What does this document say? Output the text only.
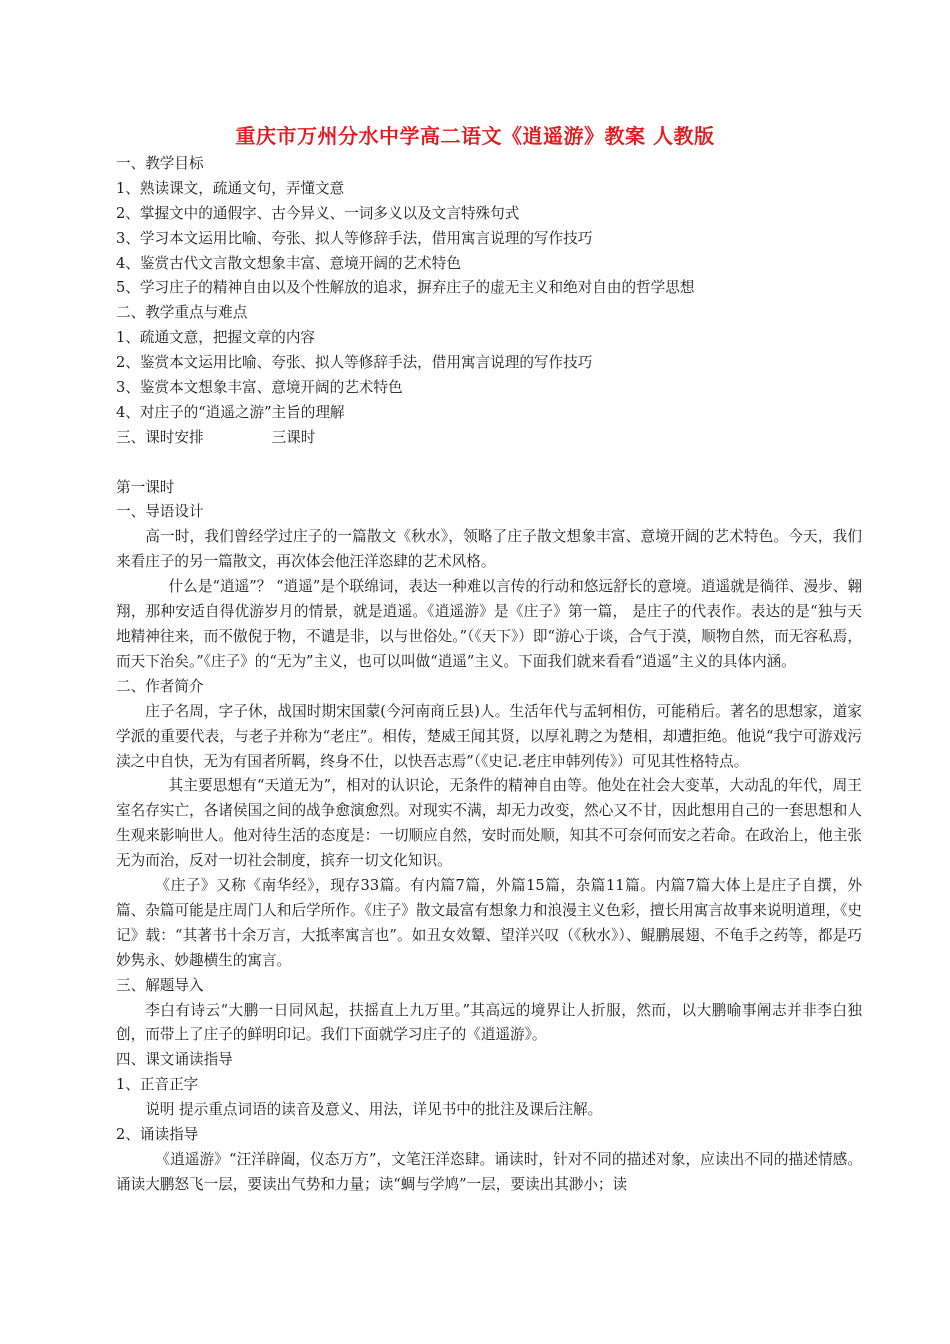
重庆市万州分水中学高二语文《逍遥游》教案 人教版
一、教学目标
1、熟读课文，疏通文句，弄懂文意
2、掌握文中的通假字、古今异义、一词多义以及文言特殊句式
3、学习本文运用比喻、夸张、拟人等修辞手法，借用寓言说理的写作技巧
4、鉴赏古代文言散文想象丰富、意境开阔的艺术特色
5、学习庄子的精神自由以及个性解放的追求，摒弃庄子的虚无主义和绝对自由的哲学思想
二、教学重点与难点
1、疏通文意，把握文章的内容
2、鉴赏本文运用比喻、夸张、拟人等修辞手法，借用寓言说理的写作技巧
3、鉴赏本文想象丰富、意境开阔的艺术特色
4、对庄子的“逍遥之游”主旨的理解
三、课时安排	三课时
第一课时
一、导语设计
高一时，我们曾经学过庄子的一篇散文《秋水》，领略了庄子散文想象丰富、意境开阔的艺术特色。今天，我们来看庄子的另一篇散文，再次体会他汪洋恣肆的艺术风格。
什么是“逍遥”？ “逍遥”是个联绵词，表达一种难以言传的行动和悠远舒长的意境。逍遥就是徜徉、漫步、翱翔，那种安适自得优游岁月的情景，就是逍遥。《逍遥游》是《庄子》第一篇， 是庄子的代表作。表达的是“独与天地精神往来，而不傲倪于物，不谴是非，以与世俗处。”（《天下》）即“游心于谈，合气于漠，顺物自然，而无容私焉，而天下治矣。”《庄子》的“无为”主义，也可以叫做“逍遥”主义。下面我们就来看看“逍遥”主义的具体内涵。
二、作者简介
庄子名周，字子休，战国时期宋国蒙(今河南商丘县)人。生活年代与孟轲相仿，可能稍后。著名的思想家，道家学派的重要代表，与老子并称为“老庄”。相传，楚威王闻其贤，以厚礼聘之为楚相，却遭拒绝。他说“我宁可游戏污渎之中自快，无为有国者所羁，终身不仕，以快吾志焉”（《史记.老庄申韩列传》）可见其性格特点。
其主要思想有“天道无为”，相对的认识论，无条件的精神自由等。他处在社会大变革，大动乱的年代，周王室名存实亡，各诸侯国之间的战争愈演愈烈。对现实不满，却无力改变，然心又不甘，因此想用自己的一套思想和人生观来影响世人。他对待生活的态度是：一切顺应自然，安时而处顺，知其不可奈何而安之若命。在政治上，他主张无为而治，反对一切社会制度，摈弃一切文化知识。
《庄子》又称《南华经》，现存33篇。有内篇7篇，外篇15篇，杂篇11篇。内篇7篇大体上是庄子自撰，外篇、杂篇可能是庄周门人和后学所作。《庄子》散文最富有想象力和浪漫主义色彩，擅长用寓言故事来说明道理，《史记》载：“其著书十余万言，大抵率寓言也”。如丑女效颦、望洋兴叹（《秋水》）、鲲鹏展翅、不龟手之药等，都是巧妙隽永、妙趣横生的寓言。
三、解题导入
李白有诗云“大鹏一日同风起，扶摇直上九万里。”其高远的境界让人折服，然而，以大鹏喻事阐志并非李白独创，而带上了庄子的鲜明印记。我们下面就学习庄子的《逍遥游》。
四、课文诵读指导
1、正音正字
说明 提示重点词语的读音及意义、用法，详见书中的批注及课后注解。
2、诵读指导
《逍遥游》“汪洋辟阖，仪态万方”，文笔汪洋恣肆。诵读时，针对不同的描述对象，应读出不同的描述情感。诵读大鹏怒飞一层，要读出气势和力量；读“蜩与学鸠”一层，要读出其渺小；读
